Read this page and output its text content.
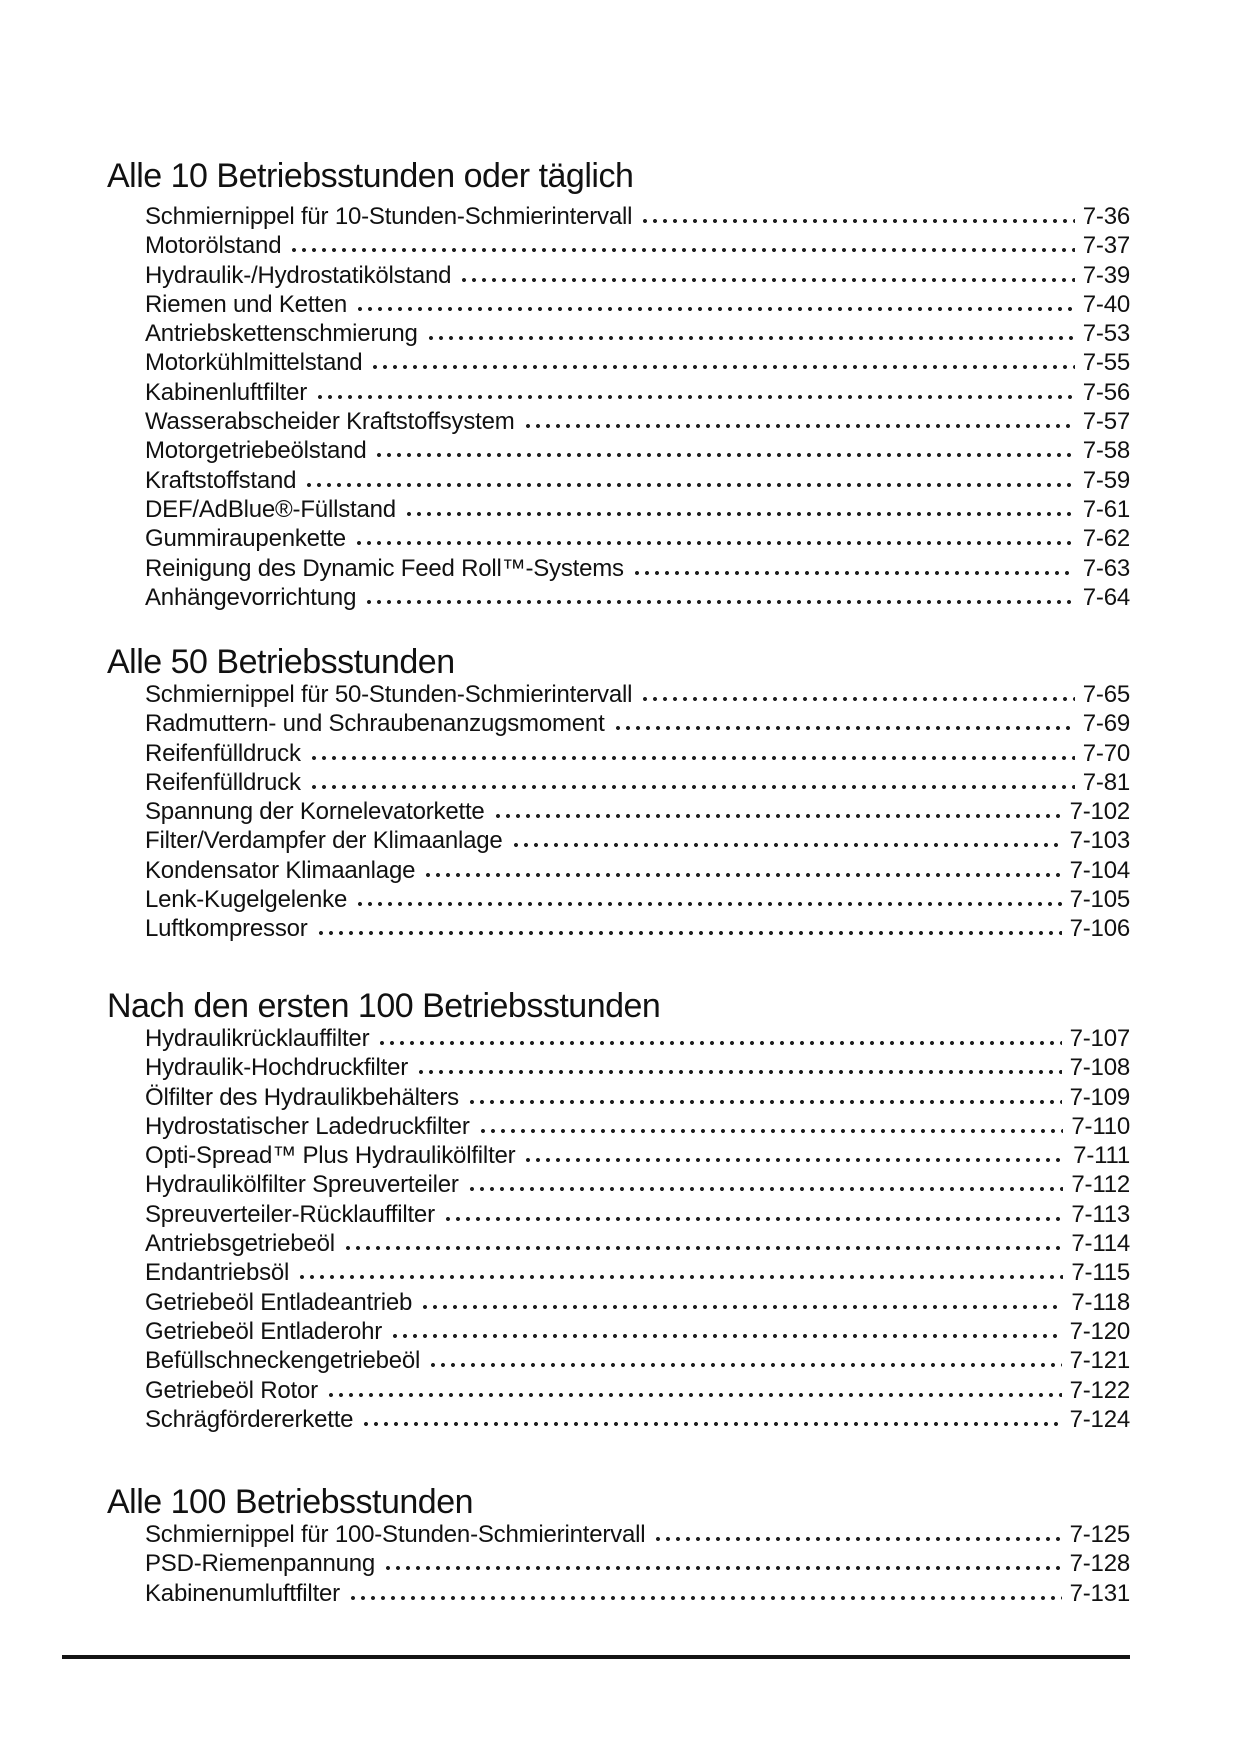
Alle 10 Betriebsstunden oder täglich
Schmiernippel für 10-Stunden-Schmierintervall	7-36
Motorölstand	7-37
Hydraulik-/Hydrostatikölstand	7-39
Riemen und Ketten	7-40
Antriebskettenschmierung	7-53
Motorkühlmittelstand	7-55
Kabinenluftfilter	7-56
Wasserabscheider Kraftstoffsystem	7-57
Motorgetriebeölstand	7-58
Kraftstoffstand	7-59
DEF/AdBlue®-Füllstand	7-61
Gummiraupenkette	7-62
Reinigung des Dynamic Feed Roll™-Systems	7-63
Anhängevorrichtung	7-64
Alle 50 Betriebsstunden
Schmiernippel für 50-Stunden-Schmierintervall	7-65
Radmuttern- und Schraubenanzugsmoment	7-69
Reifenfülldruck	7-70
Reifenfülldruck	7-81
Spannung der Kornelevatorkette	7-102
Filter/Verdampfer der Klimaanlage	7-103
Kondensator Klimaanlage	7-104
Lenk-Kugelgelenke	7-105
Luftkompressor	7-106
Nach den ersten 100 Betriebsstunden
Hydraulikrücklauffilter	7-107
Hydraulik-Hochdruckfilter	7-108
Ölfilter des Hydraulikbehälters	7-109
Hydrostatischer Ladedruckfilter	7-110
Opti-Spread™ Plus Hydraulikölfilter	7-111
Hydraulikölfilter Spreuverteiler	7-112
Spreuverteiler-Rücklauffilter	7-113
Antriebsgetriebeöl	7-114
Endantriebsöl	7-115
Getriebeöl Entladeantrieb	7-118
Getriebeöl Entladerohr	7-120
Befüllschneckengetriebeöl	7-121
Getriebeöl Rotor	7-122
Schrägfördererkette	7-124
Alle 100 Betriebsstunden
Schmiernippel für 100-Stunden-Schmierintervall	7-125
PSD-Riemenpannung	7-128
Kabinenumluftfilter	7-131
